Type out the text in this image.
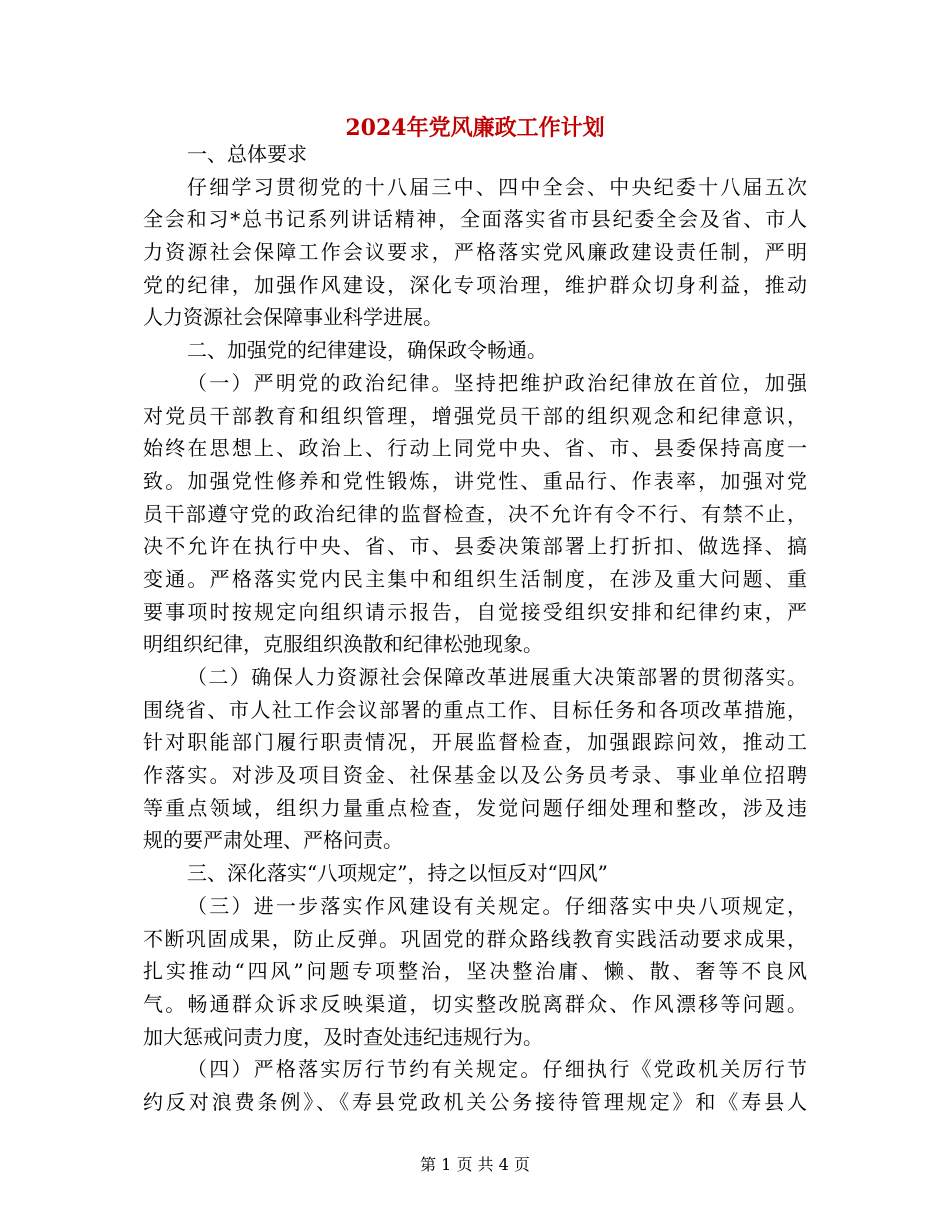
2024年党风廉政工作计划
一、总体要求
仔细学习贯彻党的十八届三中、四中全会、中央纪委十八届五次
全会和习*总书记系列讲话精神，全面落实省市县纪委全会及省、市人
力资源社会保障工作会议要求，严格落实党风廉政建设责任制，严明
党的纪律，加强作风建设，深化专项治理，维护群众切身利益，推动
人力资源社会保障事业科学进展。
二、加强党的纪律建设，确保政令畅通。
（一）严明党的政治纪律。坚持把维护政治纪律放在首位，加强
对党员干部教育和组织管理，增强党员干部的组织观念和纪律意识，
始终在思想上、政治上、行动上同党中央、省、市、县委保持高度一
致。加强党性修养和党性锻炼，讲党性、重品行、作表率，加强对党
员干部遵守党的政治纪律的监督检查，决不允许有令不行、有禁不止，
决不允许在执行中央、省、市、县委决策部署上打折扣、做选择、搞
变通。严格落实党内民主集中和组织生活制度，在涉及重大问题、重
要事项时按规定向组织请示报告，自觉接受组织安排和纪律约束，严
明组织纪律，克服组织涣散和纪律松弛现象。
（二）确保人力资源社会保障改革进展重大决策部署的贯彻落实。
围绕省、市人社工作会议部署的重点工作、目标任务和各项改革措施，
针对职能部门履行职责情况，开展监督检查，加强跟踪问效，推动工
作落实。对涉及项目资金、社保基金以及公务员考录、事业单位招聘
等重点领域，组织力量重点检查，发觉问题仔细处理和整改，涉及违
规的要严肃处理、严格问责。
三、深化落实“八项规定”，持之以恒反对“四风”
（三）进一步落实作风建设有关规定。仔细落实中央八项规定，
不断巩固成果，防止反弹。巩固党的群众路线教育实践活动要求成果，
扎实推动“四风”问题专项整治，坚决整治庸、懒、散、奢等不良风
气。畅通群众诉求反映渠道，切实整改脱离群众、作风漂移等问题。
加大惩戒问责力度，及时查处违纪违规行为。
（四）严格落实厉行节约有关规定。仔细执行《党政机关厉行节
约反对浪费条例》、《寿县党政机关公务接待管理规定》和《寿县人
第 1 页 共 4 页
